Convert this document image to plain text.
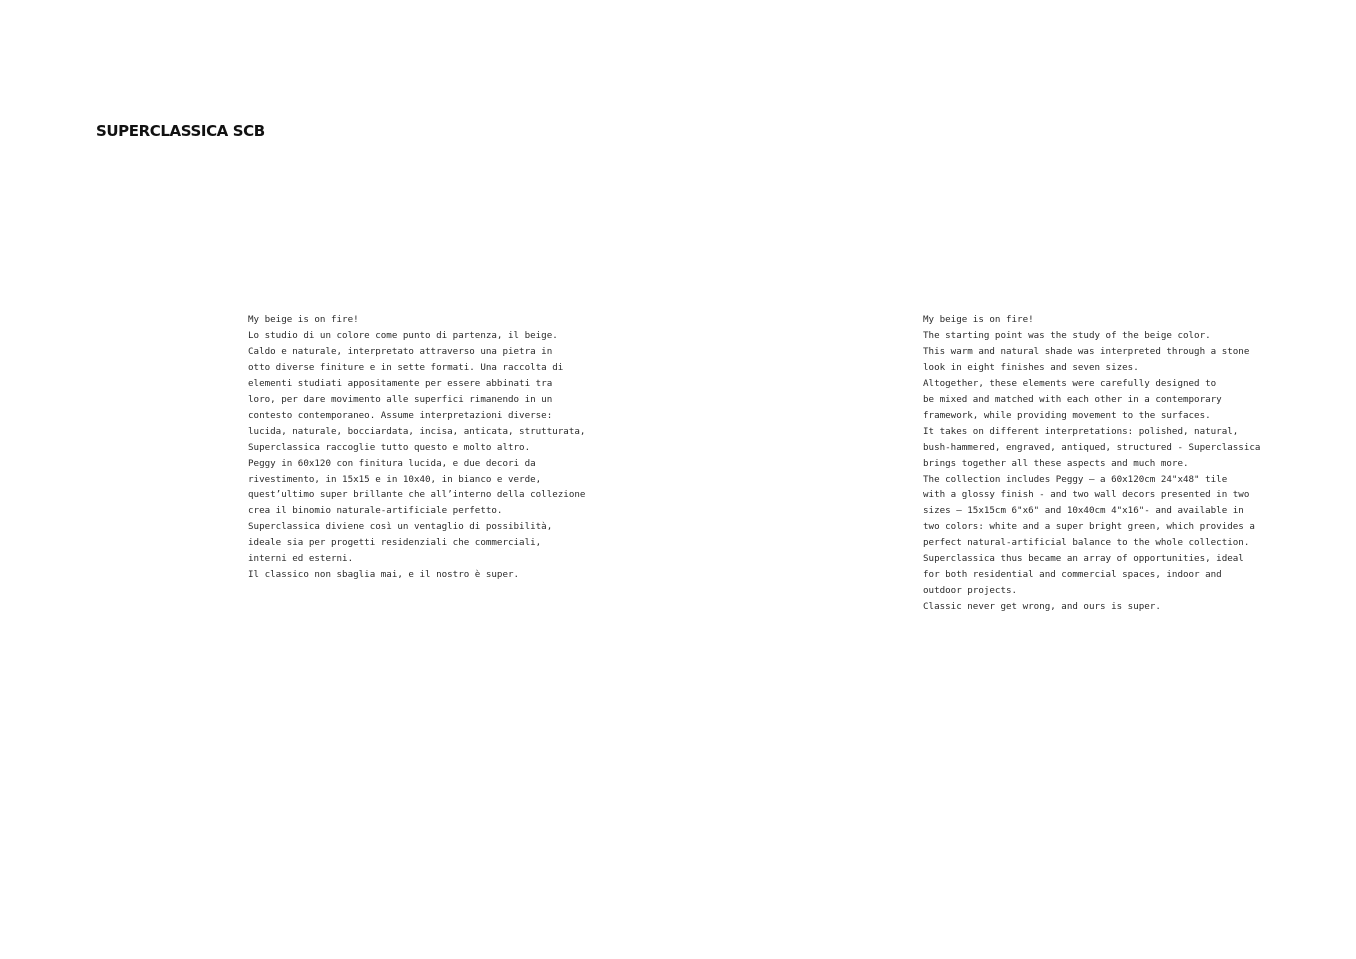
SUPERCLASSICA SCB
My beige is on fire!
Lo studio di un colore come punto di partenza, il beige.
Caldo e naturale, interpretato attraverso una pietra in
otto diverse finiture e in sette formati. Una raccolta di
elementi studiati appositamente per essere abbinati tra
loro, per dare movimento alle superfici rimanendo in un
contesto contemporaneo. Assume interpretazioni diverse:
lucida, naturale, bocciardata, incisa, anticata, strutturata,
Superclassica raccoglie tutto questo e molto altro.
Peggy in 60x120 con finitura lucida, e due decori da
rivestimento, in 15x15 e in 10x40, in bianco e verde,
quest’ultimo super brillante che all’interno della collezione
crea il binomio naturale-artificiale perfetto.
Superclassica diviene così un ventaglio di possibilità,
ideale sia per progetti residenziali che commerciali,
interni ed esterni.
Il classico non sbaglia mai, e il nostro è super.
My beige is on fire!
The starting point was the study of the beige color.
This warm and natural shade was interpreted through a stone
look in eight finishes and seven sizes.
Altogether, these elements were carefully designed to
be mixed and matched with each other in a contemporary
framework, while providing movement to the surfaces.
It takes on different interpretations: polished, natural,
bush-hammered, engraved, antiqued, structured - Superclassica
brings together all these aspects and much more.
The collection includes Peggy – a 60x120cm 24"x48" tile
with a glossy finish - and two wall decors presented in two
sizes – 15x15cm 6"x6" and 10x40cm 4"x16"- and available in
two colors: white and a super bright green, which provides a
perfect natural-artificial balance to the whole collection.
Superclassica thus became an array of opportunities, ideal
for both residential and commercial spaces, indoor and
outdoor projects.
Classic never get wrong, and ours is super.
